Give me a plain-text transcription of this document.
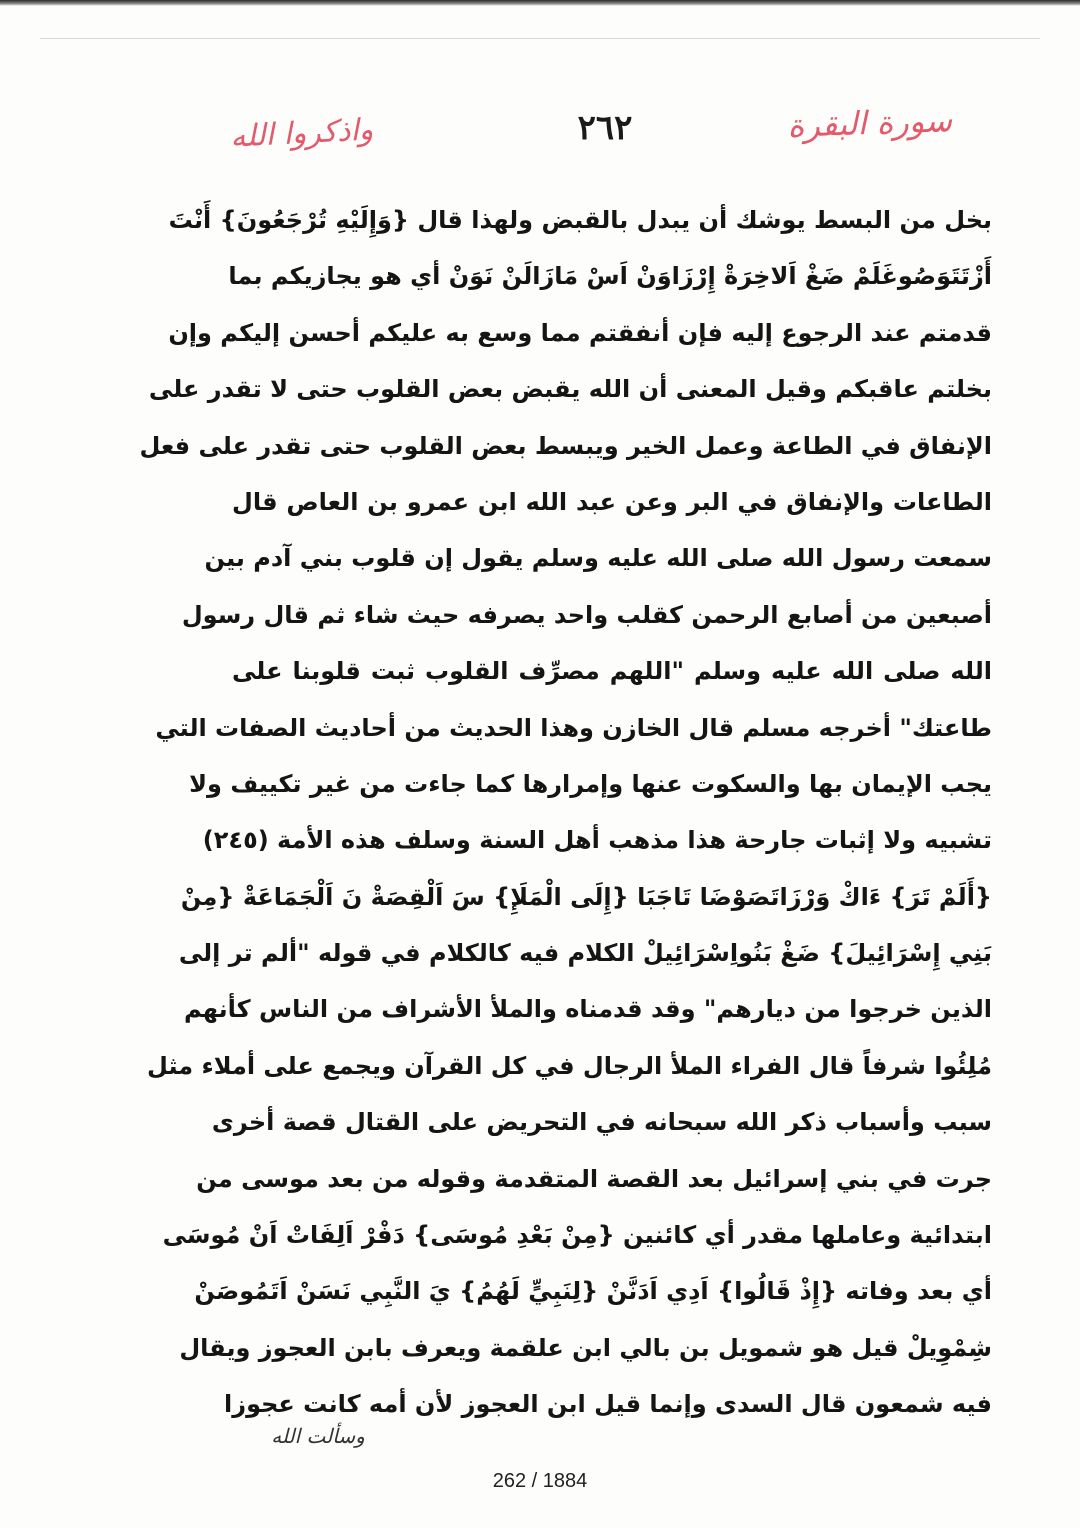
واذكروا الله	٢٦٢	سورة البقرة
بخل من البسط يوشك أن يبدل بالقبض ولهذا قال {وَإِلَيْهِ تُرْجَعُونَ} أَنْتَ
أَزْتَتَوَصُوغَلَمْ ضَغْ اَلاخِرَةْ إِرْزَاوَنْ اَسْ مَازَالَنْ نَوَنْ أي هو يجازيكم بما
قدمتم عند الرجوع إليه فإن أنفقتم مما وسع به عليكم أحسن إليكم وإن
بخلتم عاقبكم وقيل المعنى أن الله يقبض بعض القلوب حتى لا تقدر على
الإنفاق في الطاعة وعمل الخير ويبسط بعض القلوب حتى تقدر على فعل
الطاعات والإنفاق في البر وعن عبد الله ابن عمرو بن العاص قال
سمعت رسول الله صلى الله عليه وسلم يقول إن قلوب بني آدم بين
أصبعين من أصابع الرحمن كقلب واحد يصرفه حيث شاء ثم قال رسول
الله صلى الله عليه وسلم "اللهم مصرِّف القلوب ثبت قلوبنا على
طاعتك" أخرجه مسلم قال الخازن وهذا الحديث من أحاديث الصفات التي
يجب الإيمان بها والسكوت عنها وإمرارها كما جاءت من غير تكييف ولا
تشبيه ولا إثبات جارحة هذا مذهب أهل السنة وسلف هذه الأمة (٢٤٥)
{أَلَمْ تَرَ} ءَاكْ وَرْزَاتَصَوْضَا تَاجَبَا {إِلَى الْمَلَإِ} سَ اَلْقِصَةْ نَ اَلْجَمَاعَةْ {مِنْ
بَنِي إِسْرَائِيلَ} ضَغْ بَنُواِسْرَائِيلْ الكلام فيه كالكلام في قوله "ألم تر إلى
الذين خرجوا من ديارهم" وقد قدمناه والملأ الأشراف من الناس كأنهم
مُلِئُوا شرفاً قال الفراء الملأ الرجال في كل القرآن ويجمع على أملاء مثل
سبب وأسباب ذكر الله سبحانه في التحريض على القتال قصة أخرى
جرت في بني إسرائيل بعد القصة المتقدمة وقوله من بعد موسى من
ابتدائية وعاملها مقدر أي كائنين {مِنْ بَعْدِ مُوسَى} دَفْرْ اَلِفَاتْ اَنْ مُوسَى
أي بعد وفاته {إِذْ قَالُوا} اَدِي اَدَنَّنْ {لِنَبِيٍّ لَهُمُ} يَ النَّبِي نَسَنْ اَتَمُوصَنْ
شِمْوِيلْ قيل هو شمويل بن بالي ابن علقمة ويعرف بابن العجوز ويقال
فيه شمعون قال السدى وإنما قيل ابن العجوز لأن أمه كانت عجوزا
وسألت الله
262 / 1884
